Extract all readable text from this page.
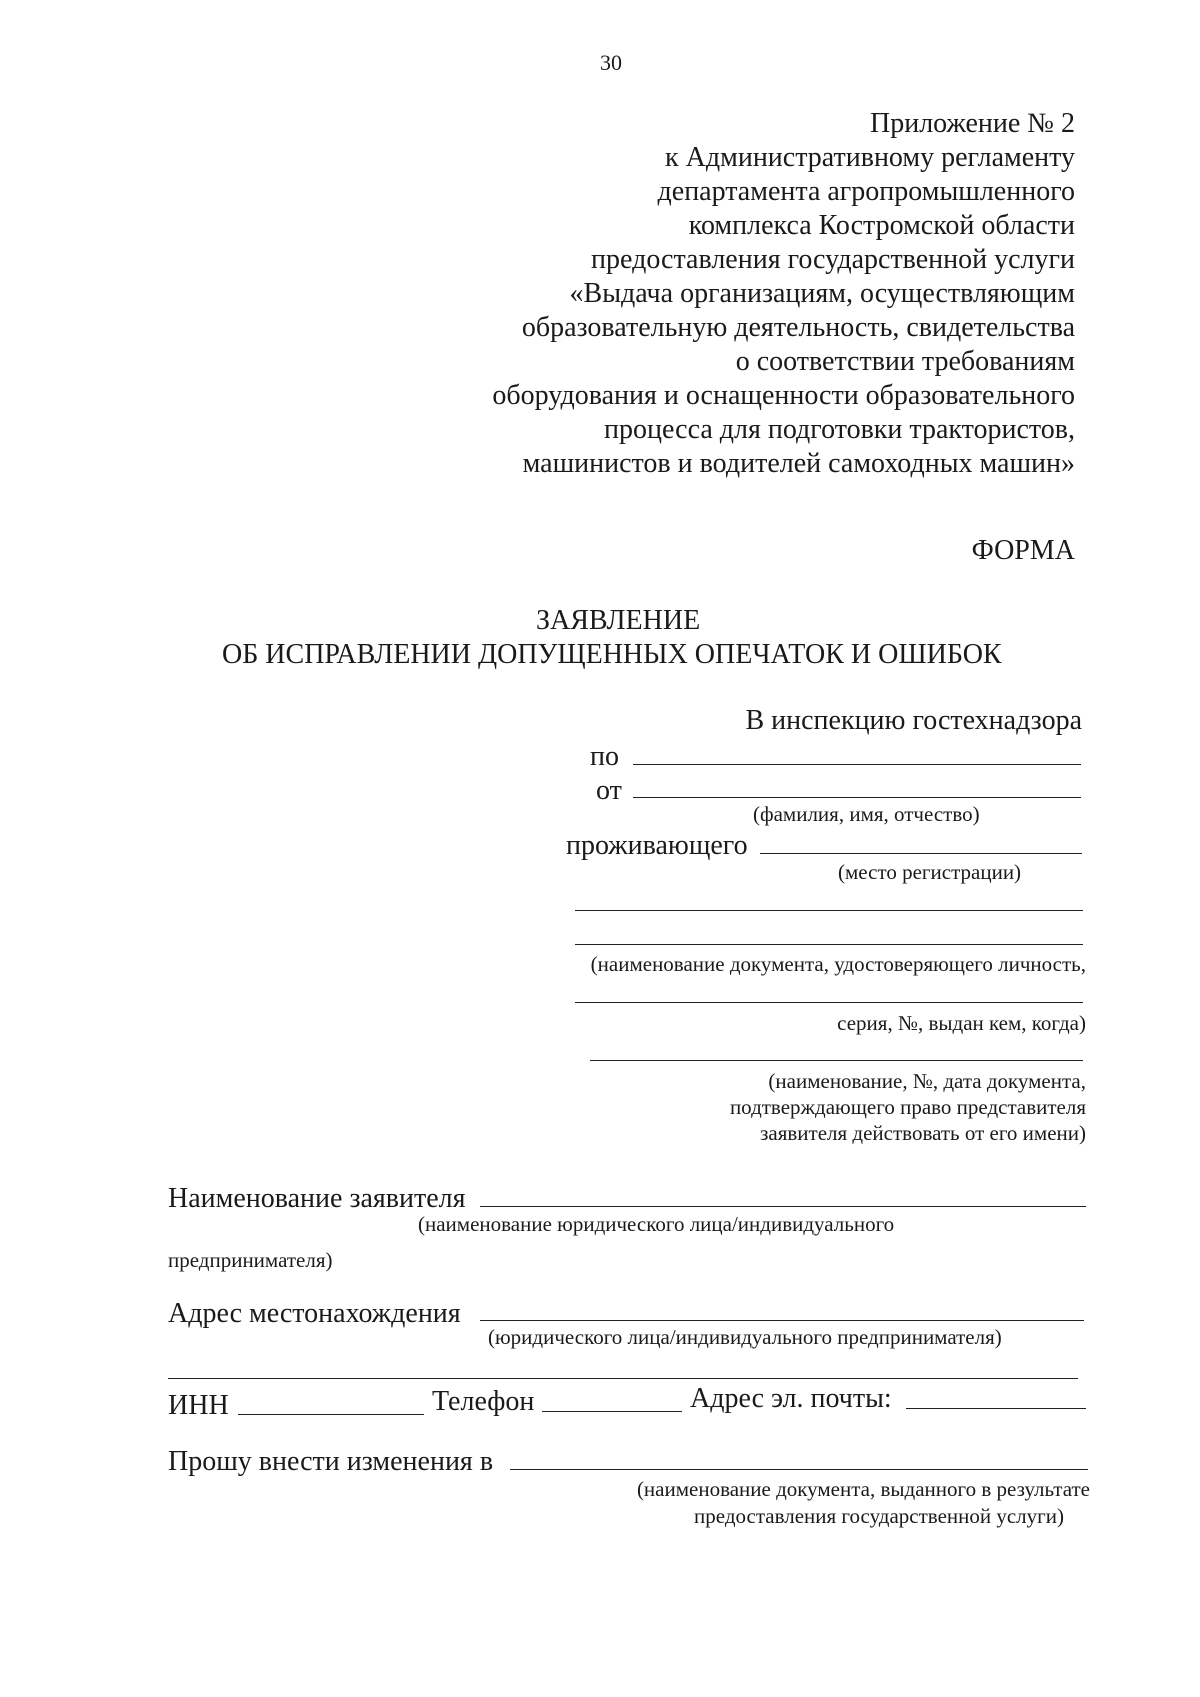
30
Приложение № 2
к Административному регламенту
департамента агропромышленного
комплекса Костромской области
предоставления государственной услуги
«Выдача организациям, осуществляющим
образовательную деятельность, свидетельства
о соответствии требованиям
оборудования и оснащенности образовательного
процесса для подготовки трактористов,
машинистов и водителей самоходных машин»
ФОРМА
ЗАЯВЛЕНИЕ
ОБ ИСПРАВЛЕНИИ ДОПУЩЕННЫХ ОПЕЧАТОК И ОШИБОК
В инспекцию гостехнадзора
по
от
(фамилия, имя, отчество)
проживающего
(место регистрации)
(наименование документа, удостоверяющего личность,
серия, №, выдан кем, когда)
(наименование, №, дата документа,
подтверждающего право представителя
заявителя действовать от его имени)
Наименование заявителя
(наименование юридического лица/индивидуального
предпринимателя)
Адрес местонахождения
(юридического лица/индивидуального предпринимателя)
ИНН	Телефон	Адрес эл. почты:
Прошу внести изменения в
(наименование документа, выданного в результате
предоставления государственной услуги)
